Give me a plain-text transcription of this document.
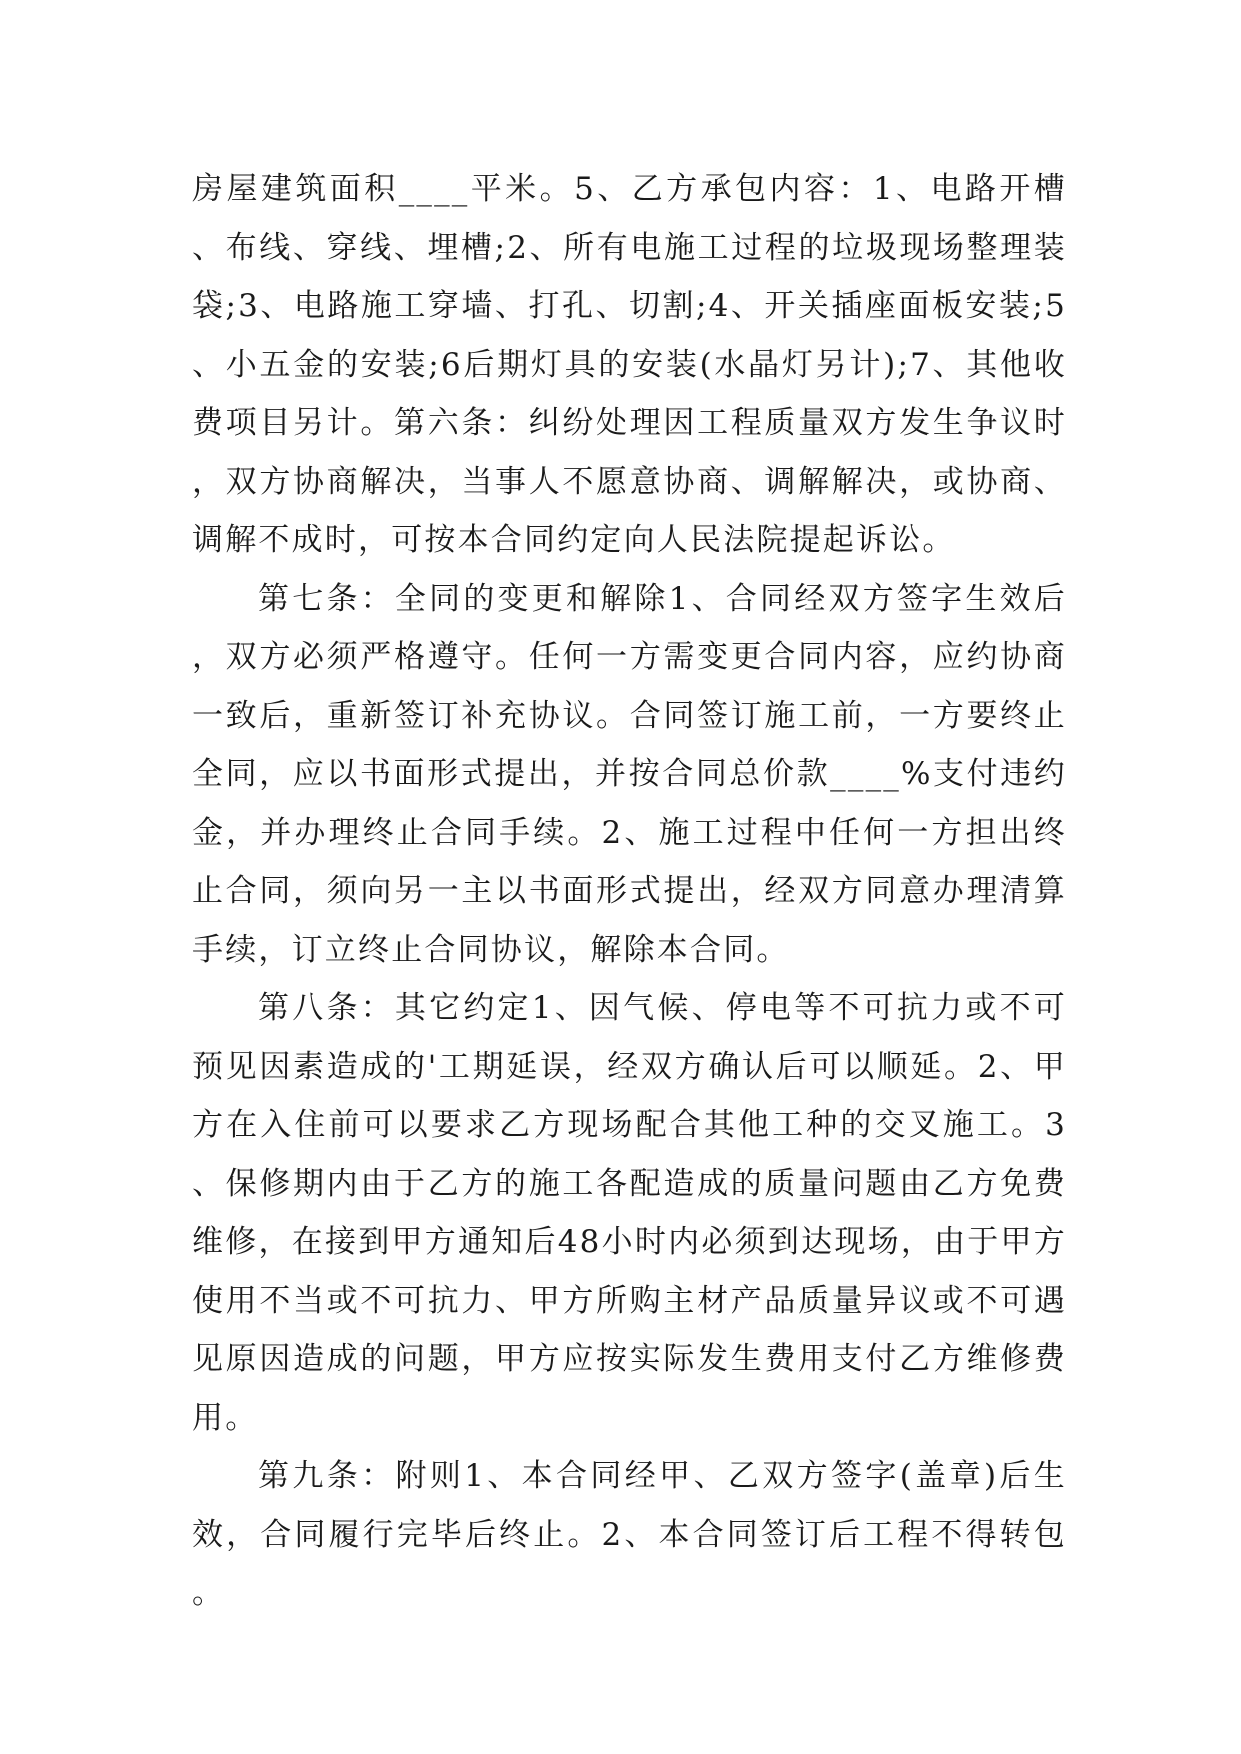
房屋建筑面积____平米。5、乙方承包内容：1、电路开槽、布线、穿线、埋槽;2、所有电施工过程的垃圾现场整理装袋;3、电路施工穿墙、打孔、切割;4、开关插座面板安装;5、小五金的安装;6后期灯具的安装(水晶灯另计);7、其他收费项目另计。第六条：纠纷处理因工程质量双方发生争议时，双方协商解决，当事人不愿意协商、调解解决，或协商、调解不成时，可按本合同约定向人民法院提起诉讼。

第七条：全同的变更和解除1、合同经双方签字生效后，双方必须严格遵守。任何一方需变更合同内容，应约协商一致后，重新签订补充协议。合同签订施工前，一方要终止全同，应以书面形式提出，并按合同总价款____%支付违约金，并办理终止合同手续。2、施工过程中任何一方担出终止合同，须向另一主以书面形式提出，经双方同意办理清算手续，订立终止合同协议，解除本合同。

第八条：其它约定1、因气候、停电等不可抗力或不可预见因素造成的'工期延误，经双方确认后可以顺延。2、甲方在入住前可以要求乙方现场配合其他工种的交叉施工。3、保修期内由于乙方的施工各配造成的质量问题由乙方免费维修，在接到甲方通知后48小时内必须到达现场，由于甲方使用不当或不可抗力、甲方所购主材产品质量异议或不可遇见原因造成的问题，甲方应按实际发生费用支付乙方维修费用。

第九条：附则1、本合同经甲、乙双方签字(盖章)后生效，合同履行完毕后终止。2、本合同签订后工程不得转包。
